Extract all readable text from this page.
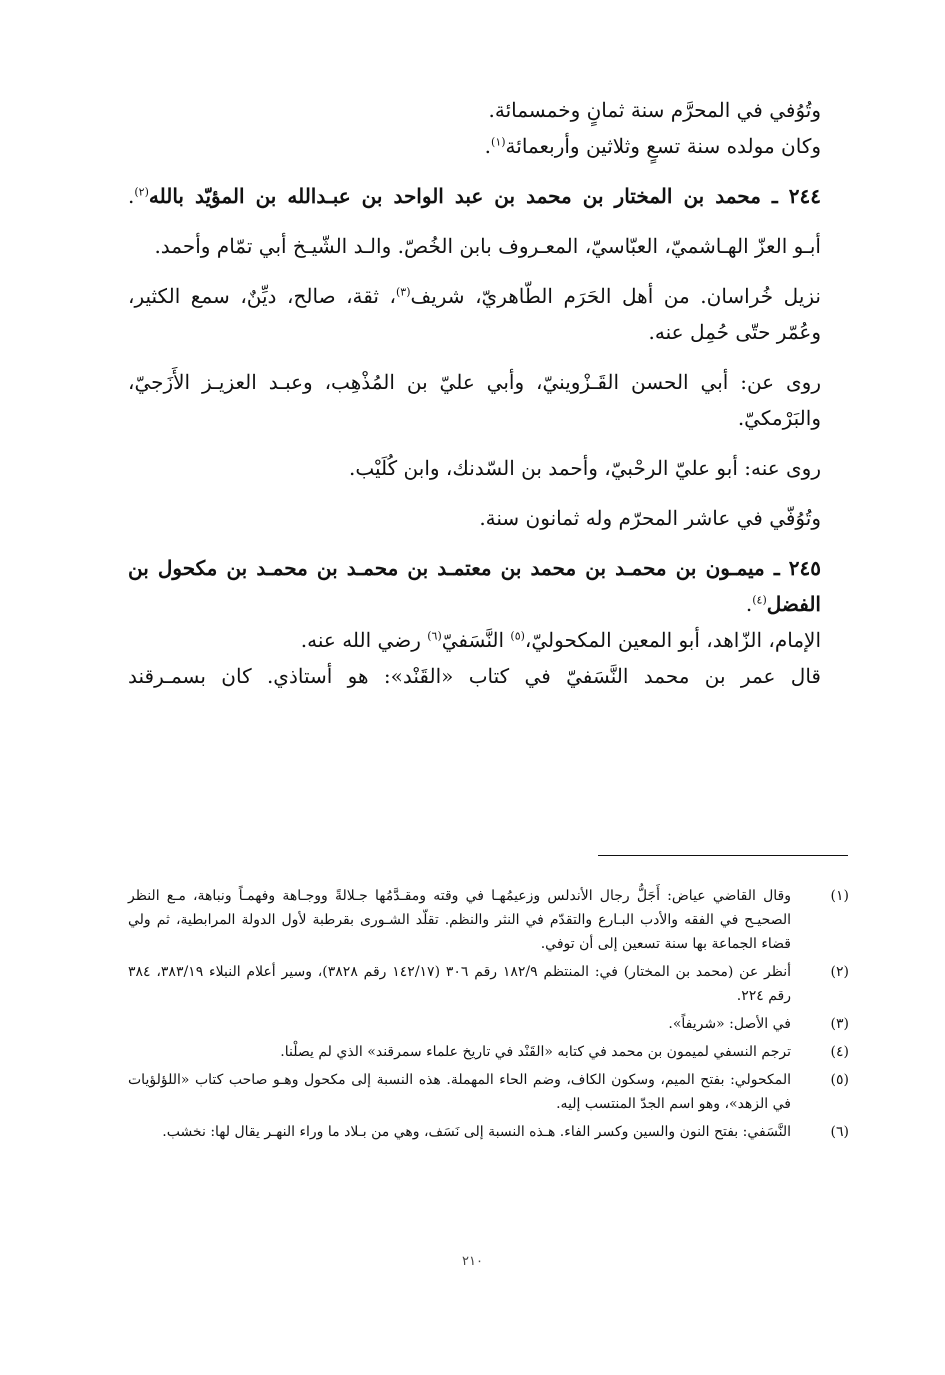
وتُوُفي في المحرَّم سنة ثمانٍ وخمسمائة.

وكان مولده سنة تسعٍ وثلاثين وأربعمائة$^{(١)}$.

٢٤٤ ـ محمد بن المختار بن محمد بن عبد الواحد بن عبـدالله بن المؤيّد بالله$^{(٢)}$.

أبـو العزّ الهـاشميّ، العبّاسيّ، المعـروف بابن الخُصّ. والـد الشّيـخ أبي تمّام وأحمد.

نزيل خُراسان. من أهل الحَرَم الطّاهريّ، شريف$^{(٣)}$، ثقة، صالح، ديِّنٌ، سمع الكثير، وعُمّر حتّى حُمِل عنه.

روى عن: أبي الحسن القَـزْوينيّ، وأبي عليّ بن المُذْهِب، وعبـد العزيـز الأَزَجيّ، والبَرْمكيّ.

روى عنه: أبو عليّ الرحْبيّ، وأحمد بن السّدنك، وابن كُلَيْب.

وتُوُفّي في عاشر المحرّم وله ثمانون سنة.

٢٤٥ ـ ميمـون بن محمـد بن محمد بن معتمـد بن محمـد بن محمـد بن مكحول بن الفضل$^{(٤)}$.

الإمام، الزّاهد، أبو المعين المكحوليّ،$^{(٥)}$ النَّسَفيّ$^{(٦)}$ رضي الله عنه.

قال عمر بن محمد النَّسَفيّ في كتاب «القَنْد»: هو أستاذي. كان بسمـرقند

(١)
وقال القاضي عياض: أَجَلُّ رجال الأندلس وزعيمُهـا في وقته ومقـدَّمُها جـلالةً ووجـاهة وفهمـاً ونباهة، مـع النظر الصحيـح في الفقه والأدب البـارع والتقدّم في النثر والنظم. تقلّد الشـورى بقرطبة لأول الدولة المرابطية، ثم ولي قضاء الجماعة بها سنة تسعين إلى أن توفي.
(٢)
أنظر عن (محمد بن المختار) في: المنتظم ١٨٢/٩ رقم ٣٠٦ (١٤٢/١٧ رقم ٣٨٢٨)، وسير أعلام النبلاء ٣٨٣/١٩، ٣٨٤ رقم ٢٢٤.
(٣)
في الأصل: «شريفاً».
(٤)
ترجم النسفي لميمون بن محمد في كتابه «القَنْد في تاريخ علماء سمرقند» الذي لم يصلْنا.
(٥)
المكحولي: بفتح الميم، وسكون الكاف، وضم الحاء المهملة. هذه النسبة إلى مكحول وهـو صاحب كتاب «اللؤلؤيات في الزهد»، وهو اسم الجدّ المنتسب إليه.
(٦)
النَّسَفي: بفتح النون والسين وكسر الفاء. هـذه النسبة إلى نَسَف، وهي من بـلاد ما وراء النهـر يقال لها: نخشب.
٢١٠
